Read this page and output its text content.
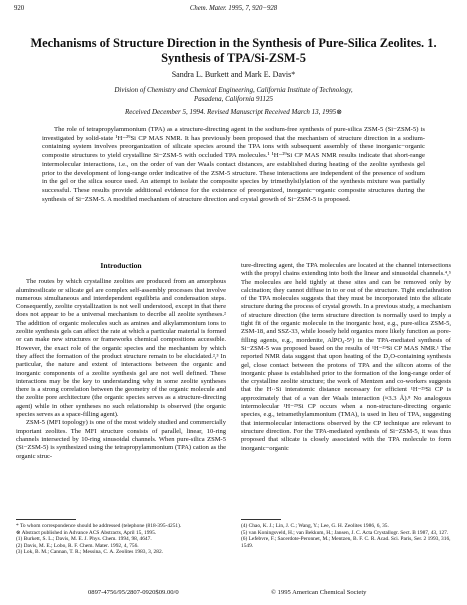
920	Chem. Mater. 1995, 7, 920−928
Mechanisms of Structure Direction in the Synthesis of Pure-Silica Zeolites. 1. Synthesis of TPA/Si-ZSM-5
Sandra L. Burkett and Mark E. Davis*
Division of Chemistry and Chemical Engineering, California Institute of Technology,
Pasadena, California 91125
Received December 5, 1994. Revised Manuscript Received March 13, 1995⊗
The role of tetrapropylammonium (TPA) as a structure-directing agent in the sodium-free synthesis of pure-silica ZSM-5 (Si−ZSM-5) is investigated by solid-state ¹H−²⁹Si CP MAS NMR. It has previously been proposed that the mechanism of structure direction in a sodium-containing system involves preorganization of silicate species around the TPA ions with subsequent assembly of these inorganic−organic composite structures to yield crystalline Si−ZSM-5 with occluded TPA molecules.¹ ¹H−²⁹Si CP MAS NMR results indicate that short-range intermolecular interactions, i.e., on the order of van der Waals contact distances, are established during heating of the zeolite synthesis gel prior to the development of long-range order indicative of the ZSM-5 structure. These interactions are independent of the presence of sodium in the gel or the silica source used. An attempt to isolate the composite species by trimethylsilylation of the synthesis mixture was partially successful. These results provide additional evidence for the existence of preorganized, inorganic−organic composite structures during the synthesis of Si−ZSM-5. A modified mechanism of structure direction and crystal growth of Si−ZSM-5 is proposed.
Introduction

The routes by which crystalline zeolites are produced from an amorphous aluminosilicate or silicate gel are complex self-assembly processes that involve numerous simultaneous and interdependent equilibria and condensation steps. Consequently, zeolite crystallization is not well understood, except in that there does not appear to be a universal mechanism to decribe all zeolite syntheses.² The addition of organic molecules such as amines and alkylammonium ions to zeolite synthesis gels can affect the rate at which a particular material is formed or can make new structures or frameworks chemical compositions accessible. However, the exact role of the organic species and the mechanism by which they affect the formation of the product structure remain to be elucidated.²,³ In particular, the nature and extent of interactions between the organic and inorganic components of a zeolite synthesis gel are not well defined. These interactions may be the key to understanding why in some zeolite syntheses there is a strong correlation between the geometry of the organic molecule and the zeolite pore architecture (the organic species serves as a structure-directing agent) while in other syntheses no such relationship is observed (the organic species serves as a space-filling agent).

ZSM-5 (MFI topology) is one of the most widely studied and commercially important zeolites. The MFI structure consists of parallel, linear, 10-ring channels intersected by 10-ring sinusoidal channels. When pure-silica ZSM-5 (Si−ZSM-5) is synthesized using the tetrapropylammonium (TPA) cation as the organic struc-

ture-directing agent, the TPA molecules are located at the channel intersections with the propyl chains extending into both the linear and sinusoidal channels.⁴,⁵ The molecules are held tightly at these sites and can be removed only by calcination; they cannot diffuse in to or out of the structure. Tight enclathration of the TPA molecules suggests that they must be incorporated into the silicate structure during the process of crystal growth. In a previous study, a mechanism of structure direction (the term structure direction is normally used to imply a tight fit of the organic molecule in the inorganic host, e.g., pure-silica ZSM-5, ZSM-18, and SSZ-33, while loosely held organics more likely function as pore-filling agents, e.g., mordenite, AlPO₄-5⁶) in the TPA-mediated synthesis of Si−ZSM-5 was proposed based on the results of ¹H−²⁹Si CP MAS NMR.¹ The reported NMR data suggest that upon heating of the D₂O-containing synthesis gel, close contact between the protons of TPA and the silicon atoms of the inorganic phase is established prior to the formation of the long-range order of the crystalline zeolite structure; the work of Mentzen and co-workers suggests that the H··Si interatomic distance necessary for efficient ¹H−²⁹Si CP is approximately that of a van der Waals interaction (≈3.3 Å).⁸ No analogous intermolecular ¹H−²⁹Si CP occurs when a non-structure-directing organic species, e.g., tetramethylammonium (TMA), is used in lieu of TPA, suggesting that intermolecular interactions observed by the CP technique are relevant to structure direction. For the TPA-mediated synthesis of Si−ZSM-5, it was thus proposed that silicate is closely associated with the TPA molecule to form inorganic−organic

* To whom correspondence should be addressed (telephone (818-395-4251).
⊗ Abstract published in Advance ACS Abstracts, April 15, 1995.
(1) Burkett, S. L.; Davis, M. E. J. Phys. Chem. 1994, 98, 4647.
(2) Davis, M. E.; Lobo, R. F. Chem. Mater. 1992, 4, 756.
(3) Lok, B. M.; Cannan, T. R.; Messina, C. A. Zeolites 1983, 3, 282.
(4) Chao, K. J.; Lin, J. C.; Wang, Y.; Lee, G. H. Zeolites 1986, 6, 35.
(5) van Koningsveld, H.; van Bekkum, H.; Jansen, J. C. Acta Crystallogr. Sect. B 1987, 43, 127.
(6) Lefebvre, F.; Sacerdote-Peronnet, M.; Mentzen, B. F. C. R. Acad. Sci. Paris, Ser. 2 1993, 316, 1549.
0897-4756/95/2807-0920$09.00/0	© 1995 American Chemical Society
